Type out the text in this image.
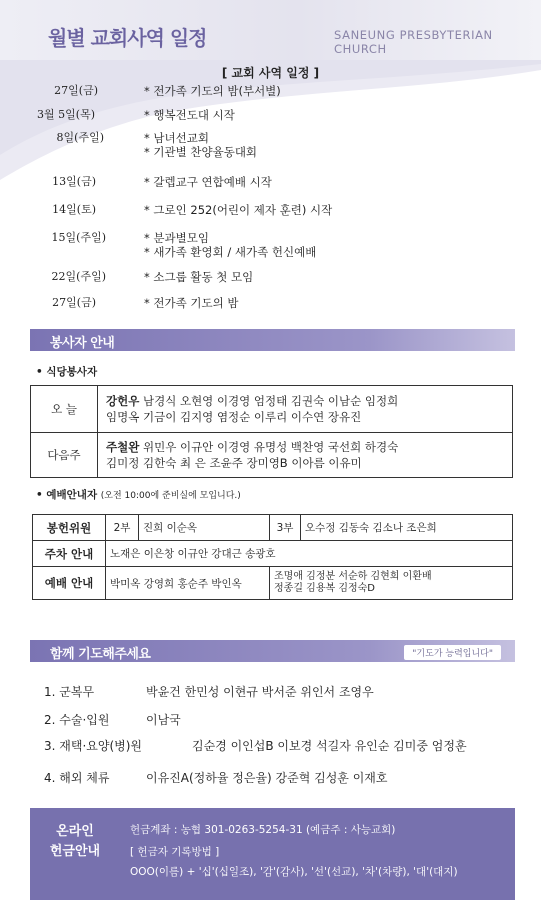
월별 교회사역 일정	SANEUNG PRESBYTERIAN CHURCH
[ 교회 사역 일정 ]
27일(금)	* 전가족 기도의 밤(부서별)
3월 5일(목)	* 행복전도대 시작
8일(주일)	* 남녀선교회
* 기관별 찬양율동대회
13일(금)	* 갈렙교구 연합예배 시작
14일(토)	* 그로인 252(어린이 제자 훈련) 시작
15일(주일)	* 분과별모임
* 새가족 환영회 / 새가족 헌신예배
22일(주일)	* 소그룹 활동 첫 모임
27일(금)	* 전가족 기도의 밤
봉사자 안내
• 식당봉사자
오 늘	강헌우 남경식 오현영 이경영 엄정태 김권숙 이남순 임정희
임명옥 기금이 김지영 염정순 이루리 이수연 장유진

다음주	주철완 위민우 이규안 이경영 유명성 백찬영 국선희 하경숙
김미정 김한숙 최 은 조윤주 장미영B 이아름 이유미
• 예배안내자 (오전 10:00에 준비실에 모입니다.)
봉헌위원	2부	진희 이순옥	3부	오수정 김동숙 김소나 조은희
주차 안내	노재은 이은창 이규안 강대근 송광호			
예배 안내	박미옥 강영희 홍순주 박인옥		조명애 김정분 서순하 김현희 이환배
정종길 김용복 김정숙D	
함께 기도해주세요	"기도가 능력입니다"
1. 군복무	박윤건 한민성 이현규 박서준 위인서 조영우
2. 수술·입원	이남국
3. 재택·요양(병)원	김순경 이인섭B 이보경 석길자 유인순 김미중 엄정훈
4. 해외 체류	이유진A(정하율 정은율) 강준혁 김성훈 이재호
온라인
헌금안내
헌금계좌 : 농협 301-0263-5254-31 (예금주 : 사능교회)
[ 헌금자 기록방법 ]
OOO(이름) + '십'(십일조), '감'(감사), '선'(선교), '차'(차량), '대'(대지)
